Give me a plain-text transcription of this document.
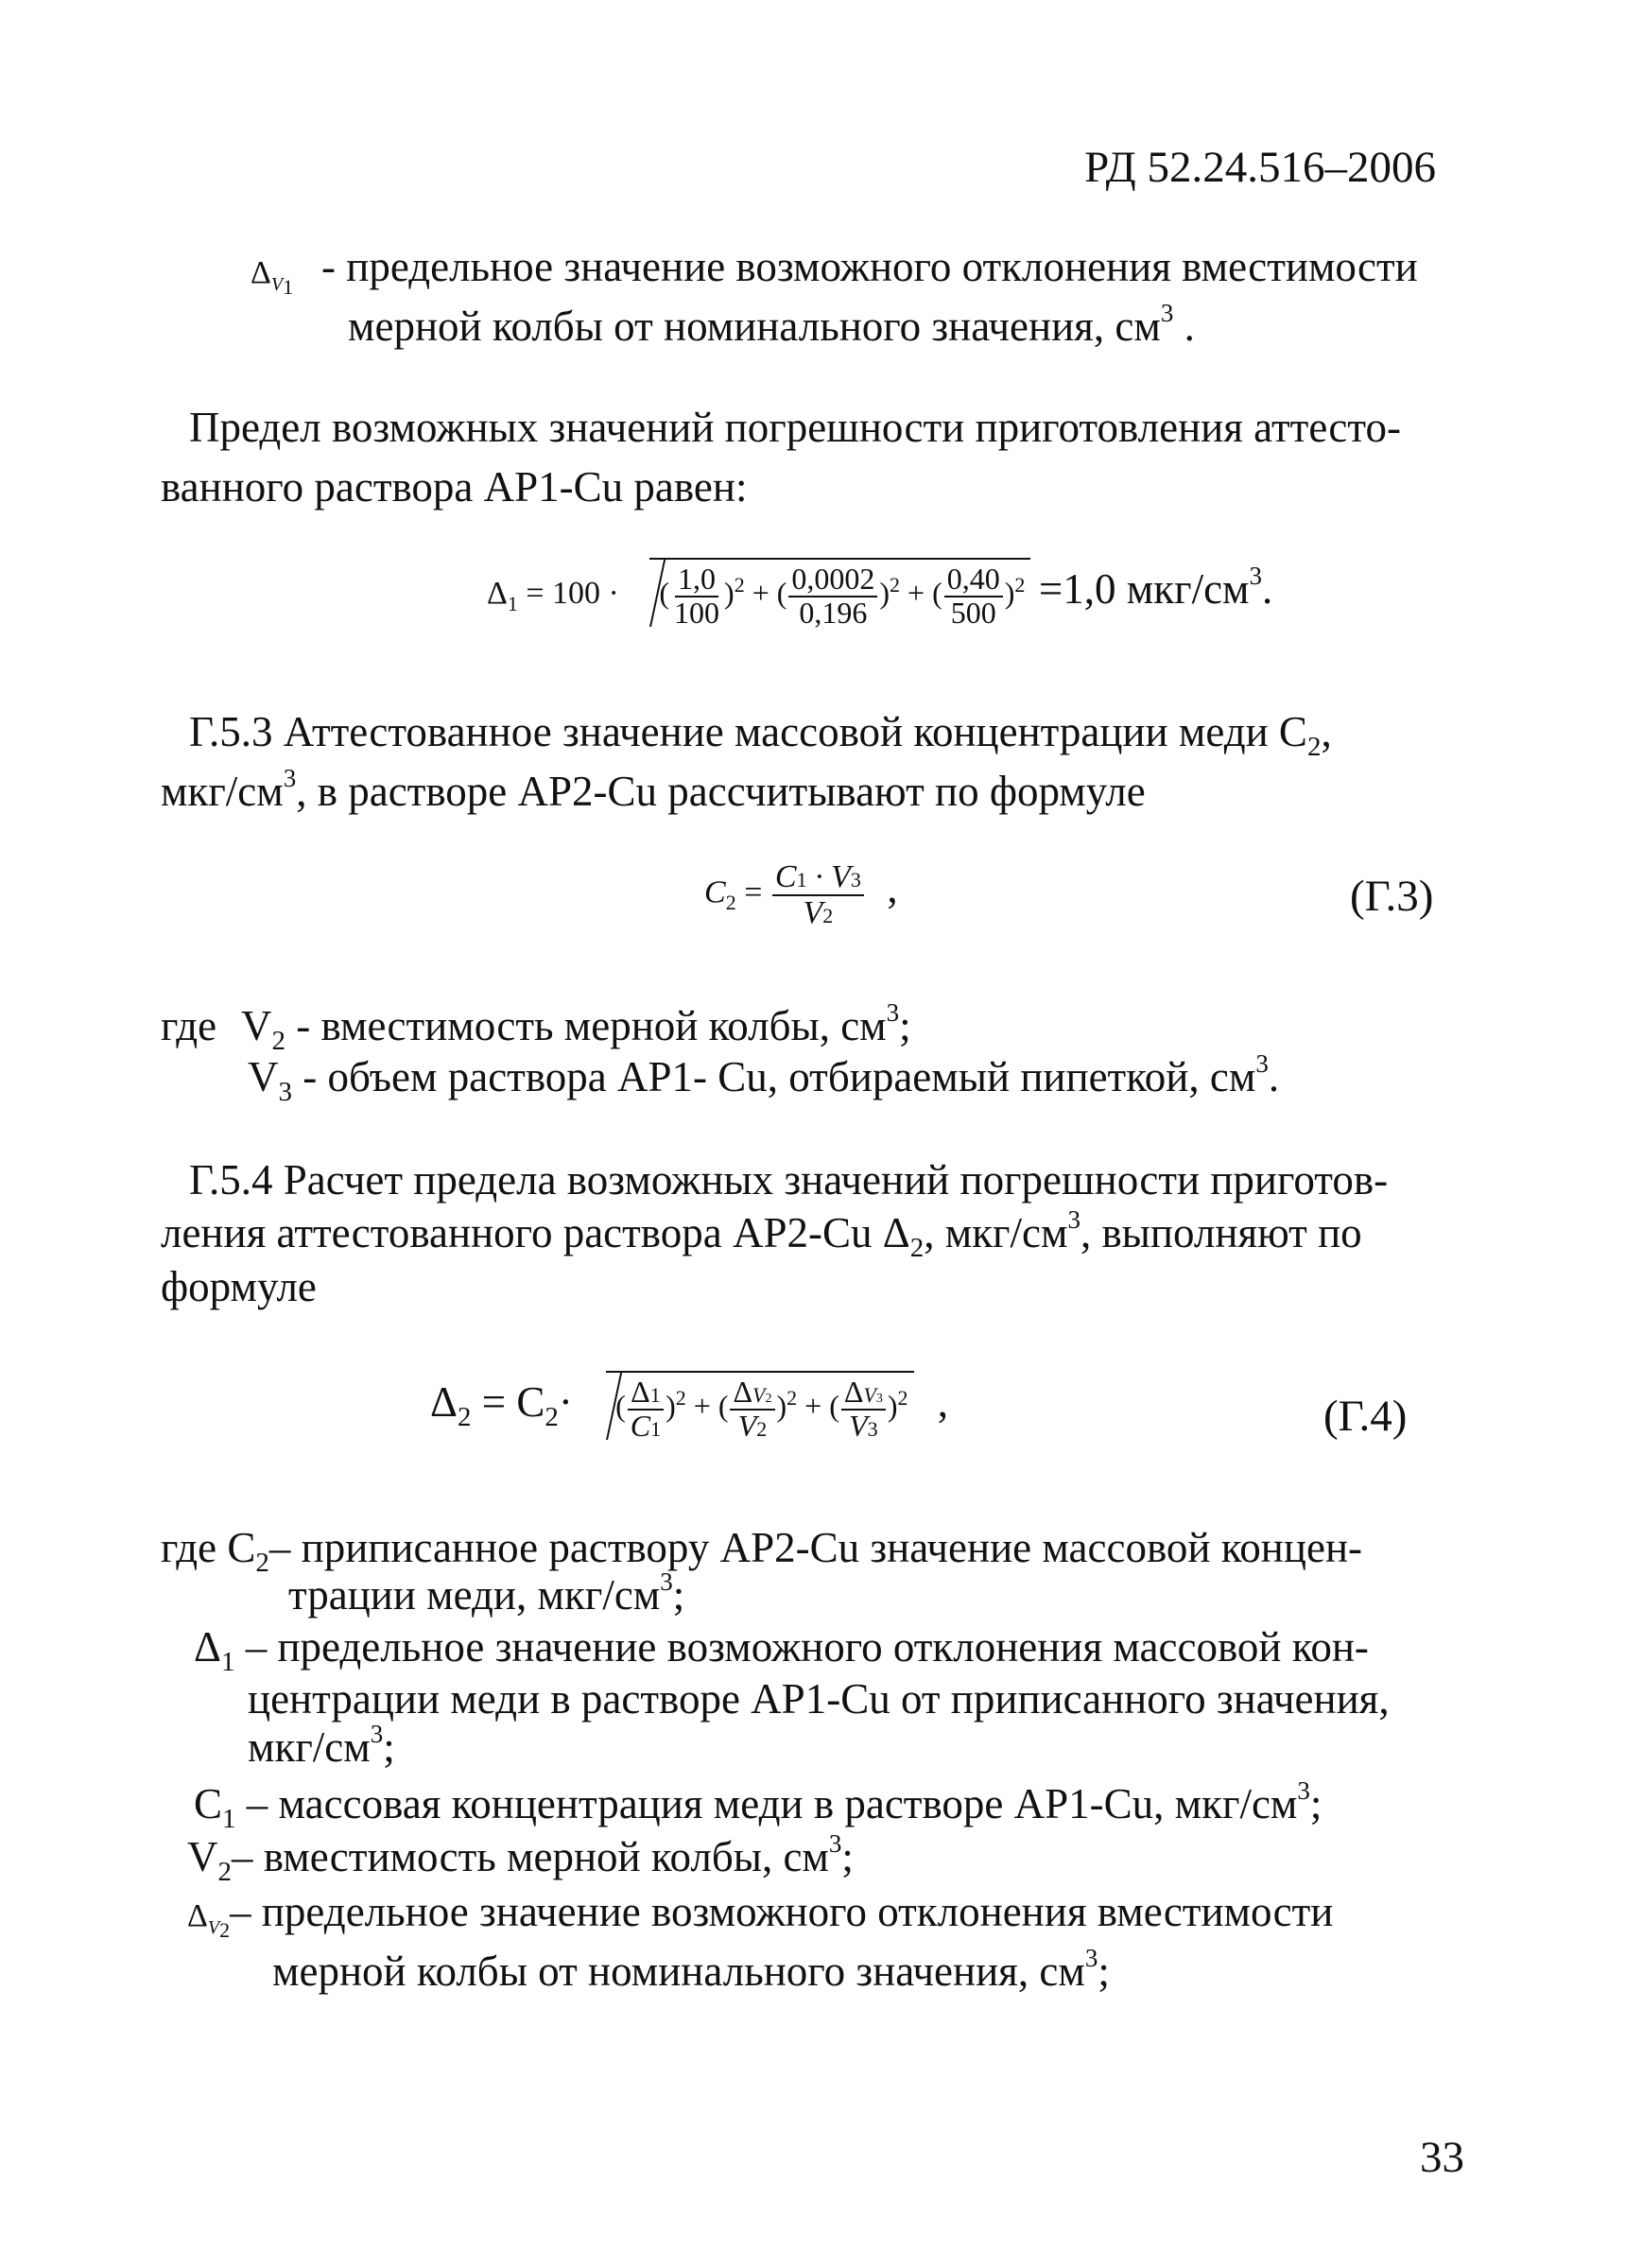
РД 52.24.516–2006
$\Delta V_1$ - предельное значение возможного отклонения вместимости
мерной колбы от номинального значения, $см^3$ .
Предел возможных значений погрешности приготовления аттесто-
ванного раствора АР1-Cu равен:
$\Delta_1 = 100$ · ( $\frac{1,0}{100} )^2$ + ( $\frac{0,0002}{0,196} )^2$ + ( $\frac{0,40}{500} )^2 =1,0$ мкг/$см^3$.
Г.5.3 Аттестованное значение массовой концентрации меди $С_2$,
мкг/$см^3$, в растворе АР2-Cu рассчитывают по формуле
$C_2 = \frac{C1 \cdot V3}{V2}$ ,	(Г.3)
где $V_2$ - вместимость мерной колбы, $см^3$;
$V_3$ - объем раствора АР1- Cu, отбираемый пипеткой, $см^3$.
Г.5.4 Расчет предела возможных значений погрешности приготов-
ления аттестованного раствора АР2-Cu $\Delta_2$, мкг/$см^3$, выполняют по
формуле
$\Delta_2 = C_2\cdot$ ( $\frac{\Delta 1}{C1} )^2$ + ( $\frac{\Delta V2}{V2} )^2$ + ( $\frac{\Delta V3}{V3} )^2$ ,	(Г.4)
где $C_2-$ приписанное раствору АР2-Cu значение массовой концен-
трации меди, мкг/$см^3$;
$\Delta_1$ – предельное значение возможного отклонения массовой кон-
центрации меди в растворе АР1-Cu от приписанного значения,
мкг/$см^3$;
$C_1$ – массовая концентрация меди в растворе АР1-Cu, мкг/$см^3$;
$V_2-$ вместимость мерной колбы, $см^3$;
$\Delta V_2-$ предельное значение возможного отклонения вместимости
мерной колбы от номинального значения, $см^3$;
33
